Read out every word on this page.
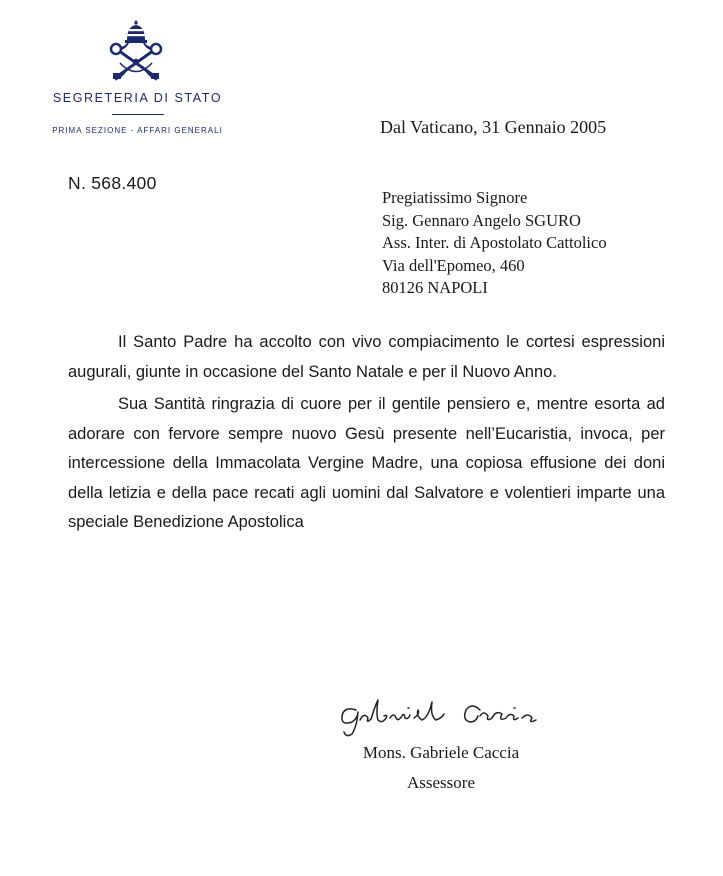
SEGRETERIA DI STATO
PRIMA SEZIONE - AFFARI GENERALI	Dal Vaticano, 31 Gennaio 2005
N. 568.400
Pregiatissimo Signore
Sig. Gennaro Angelo SGURO
Ass. Inter. di Apostolato Cattolico
Via dell'Epomeo, 460
80126 NAPOLI

Il Santo Padre ha accolto con vivo compiacimento le cortesi espressioni augurali, giunte in occasione del Santo Natale e per il Nuovo Anno.

Sua Santità ringrazia di cuore per il gentile pensiero e, mentre esorta ad adorare con fervore sempre nuovo Gesù presente nell’Eucaristia, invoca, per intercessione della Immacolata Vergine Madre, una copiosa effusione dei doni della letizia e della pace recati agli uomini dal Salvatore e volentieri imparte una speciale Benedizione Apostolica

Mons. Gabriele Caccia
Assessore
